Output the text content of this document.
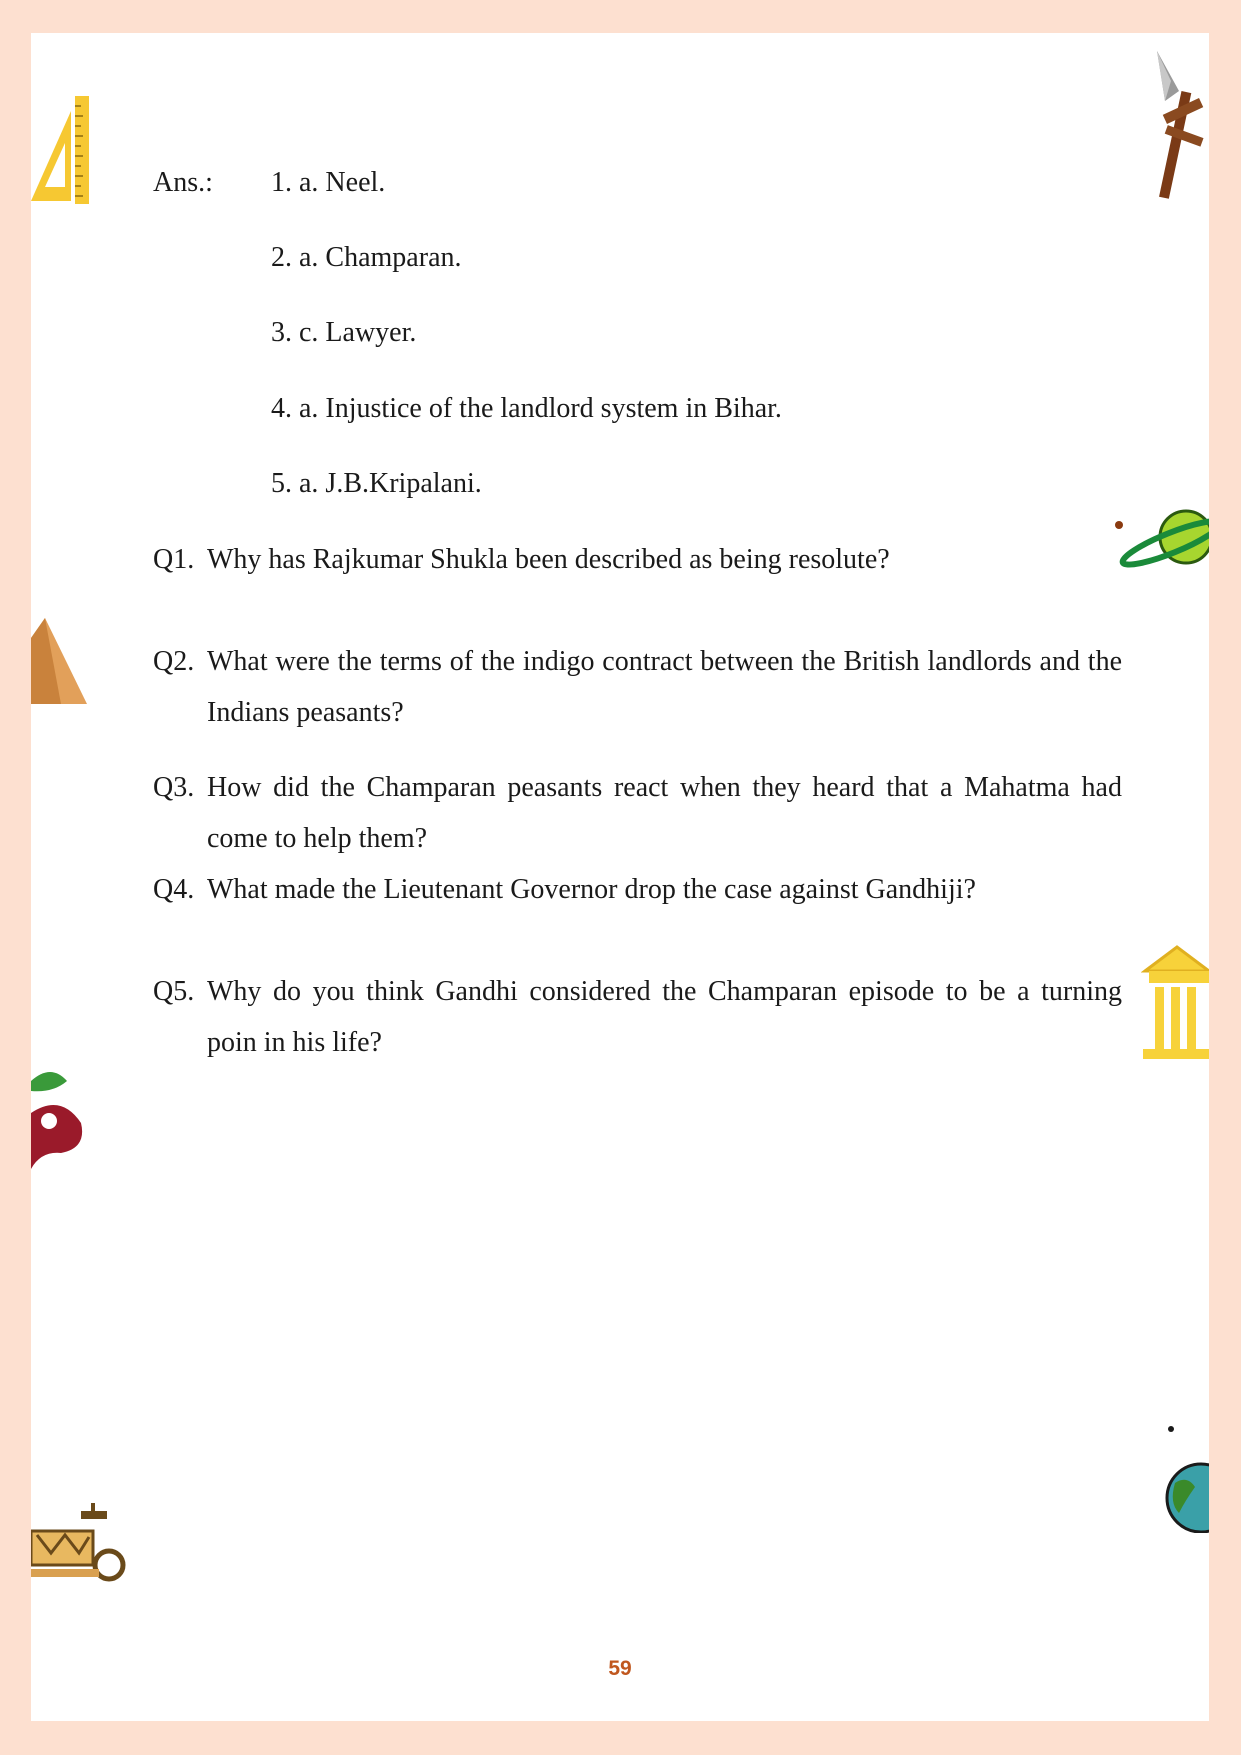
Ans.: 1. a. Neel.
2. a. Champaran.
3. c. Lawyer.
4. a. Injustice of the landlord system in Bihar.
5. a. J.B.Kripalani.
Q1. Why has Rajkumar Shukla been described as being resolute?
Q2. What were the terms of the indigo contract between the British landlords and the Indians peasants?
Q3. How did the Champaran peasants react when they heard that a Mahatma had come to help them?
Q4. What made the Lieutenant Governor drop the case against Gandhiji?
Q5. Why do you think Gandhi considered the Champaran episode to be a turning poin in his life?
59
